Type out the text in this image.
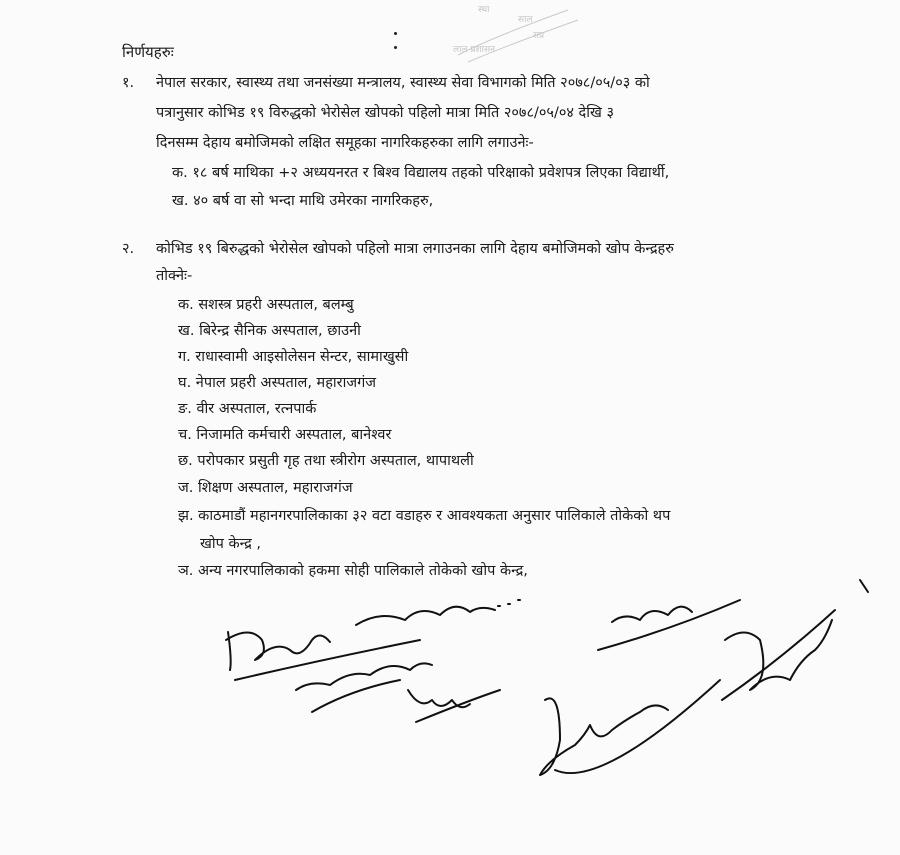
स्था
साल
राप्र
लाल प्रशासन
निर्णयहरुः
१. नेपाल सरकार, स्वास्थ्य तथा जनसंख्या मन्त्रालय, स्वास्थ्य सेवा विभागको मिति २०७८/०५/०३ को
पत्रानुसार कोभिड १९ विरुद्धको भेरोसेल खोपको पहिलो मात्रा मिति २०७८/०५/०४ देखि ३
दिनसम्म देहाय बमोजिमको लक्षित समूहका नागरिकहरुका लागि लगाउनेः-
क. १८ बर्ष माथिका +२ अध्ययनरत र बिश्व विद्यालय तहको परिक्षाको प्रवेशपत्र लिएका विद्यार्थी,
ख. ४० बर्ष वा सो भन्दा माथि उमेरका नागरिकहरु,
२. कोभिड १९ बिरुद्धको भेरोसेल खोपको पहिलो मात्रा लगाउनका लागि देहाय बमोजिमको खोप केन्द्रहरु
तोक्नेः-
क. सशस्त्र प्रहरी अस्पताल, बलम्बु
ख. बिरेन्द्र सैनिक अस्पताल, छाउनी
ग. राधास्वामी आइसोलेसन सेन्टर, सामाखुसी
घ. नेपाल प्रहरी अस्पताल, महाराजगंज
ङ. वीर अस्पताल, रत्नपार्क
च. निजामति कर्मचारी अस्पताल, बानेश्वर
छ. परोपकार प्रसुती गृह तथा स्त्रीरोग अस्पताल, थापाथली
ज. शिक्षण अस्पताल, महाराजगंज
झ. काठमाडौं महानगरपालिकाका ३२ वटा वडाहरु र आवश्यकता अनुसार पालिकाले तोकेको थप
खोप केन्द्र ,
ञ. अन्य नगरपालिकाको हकमा सोही पालिकाले तोकेको खोप केन्द्र,
